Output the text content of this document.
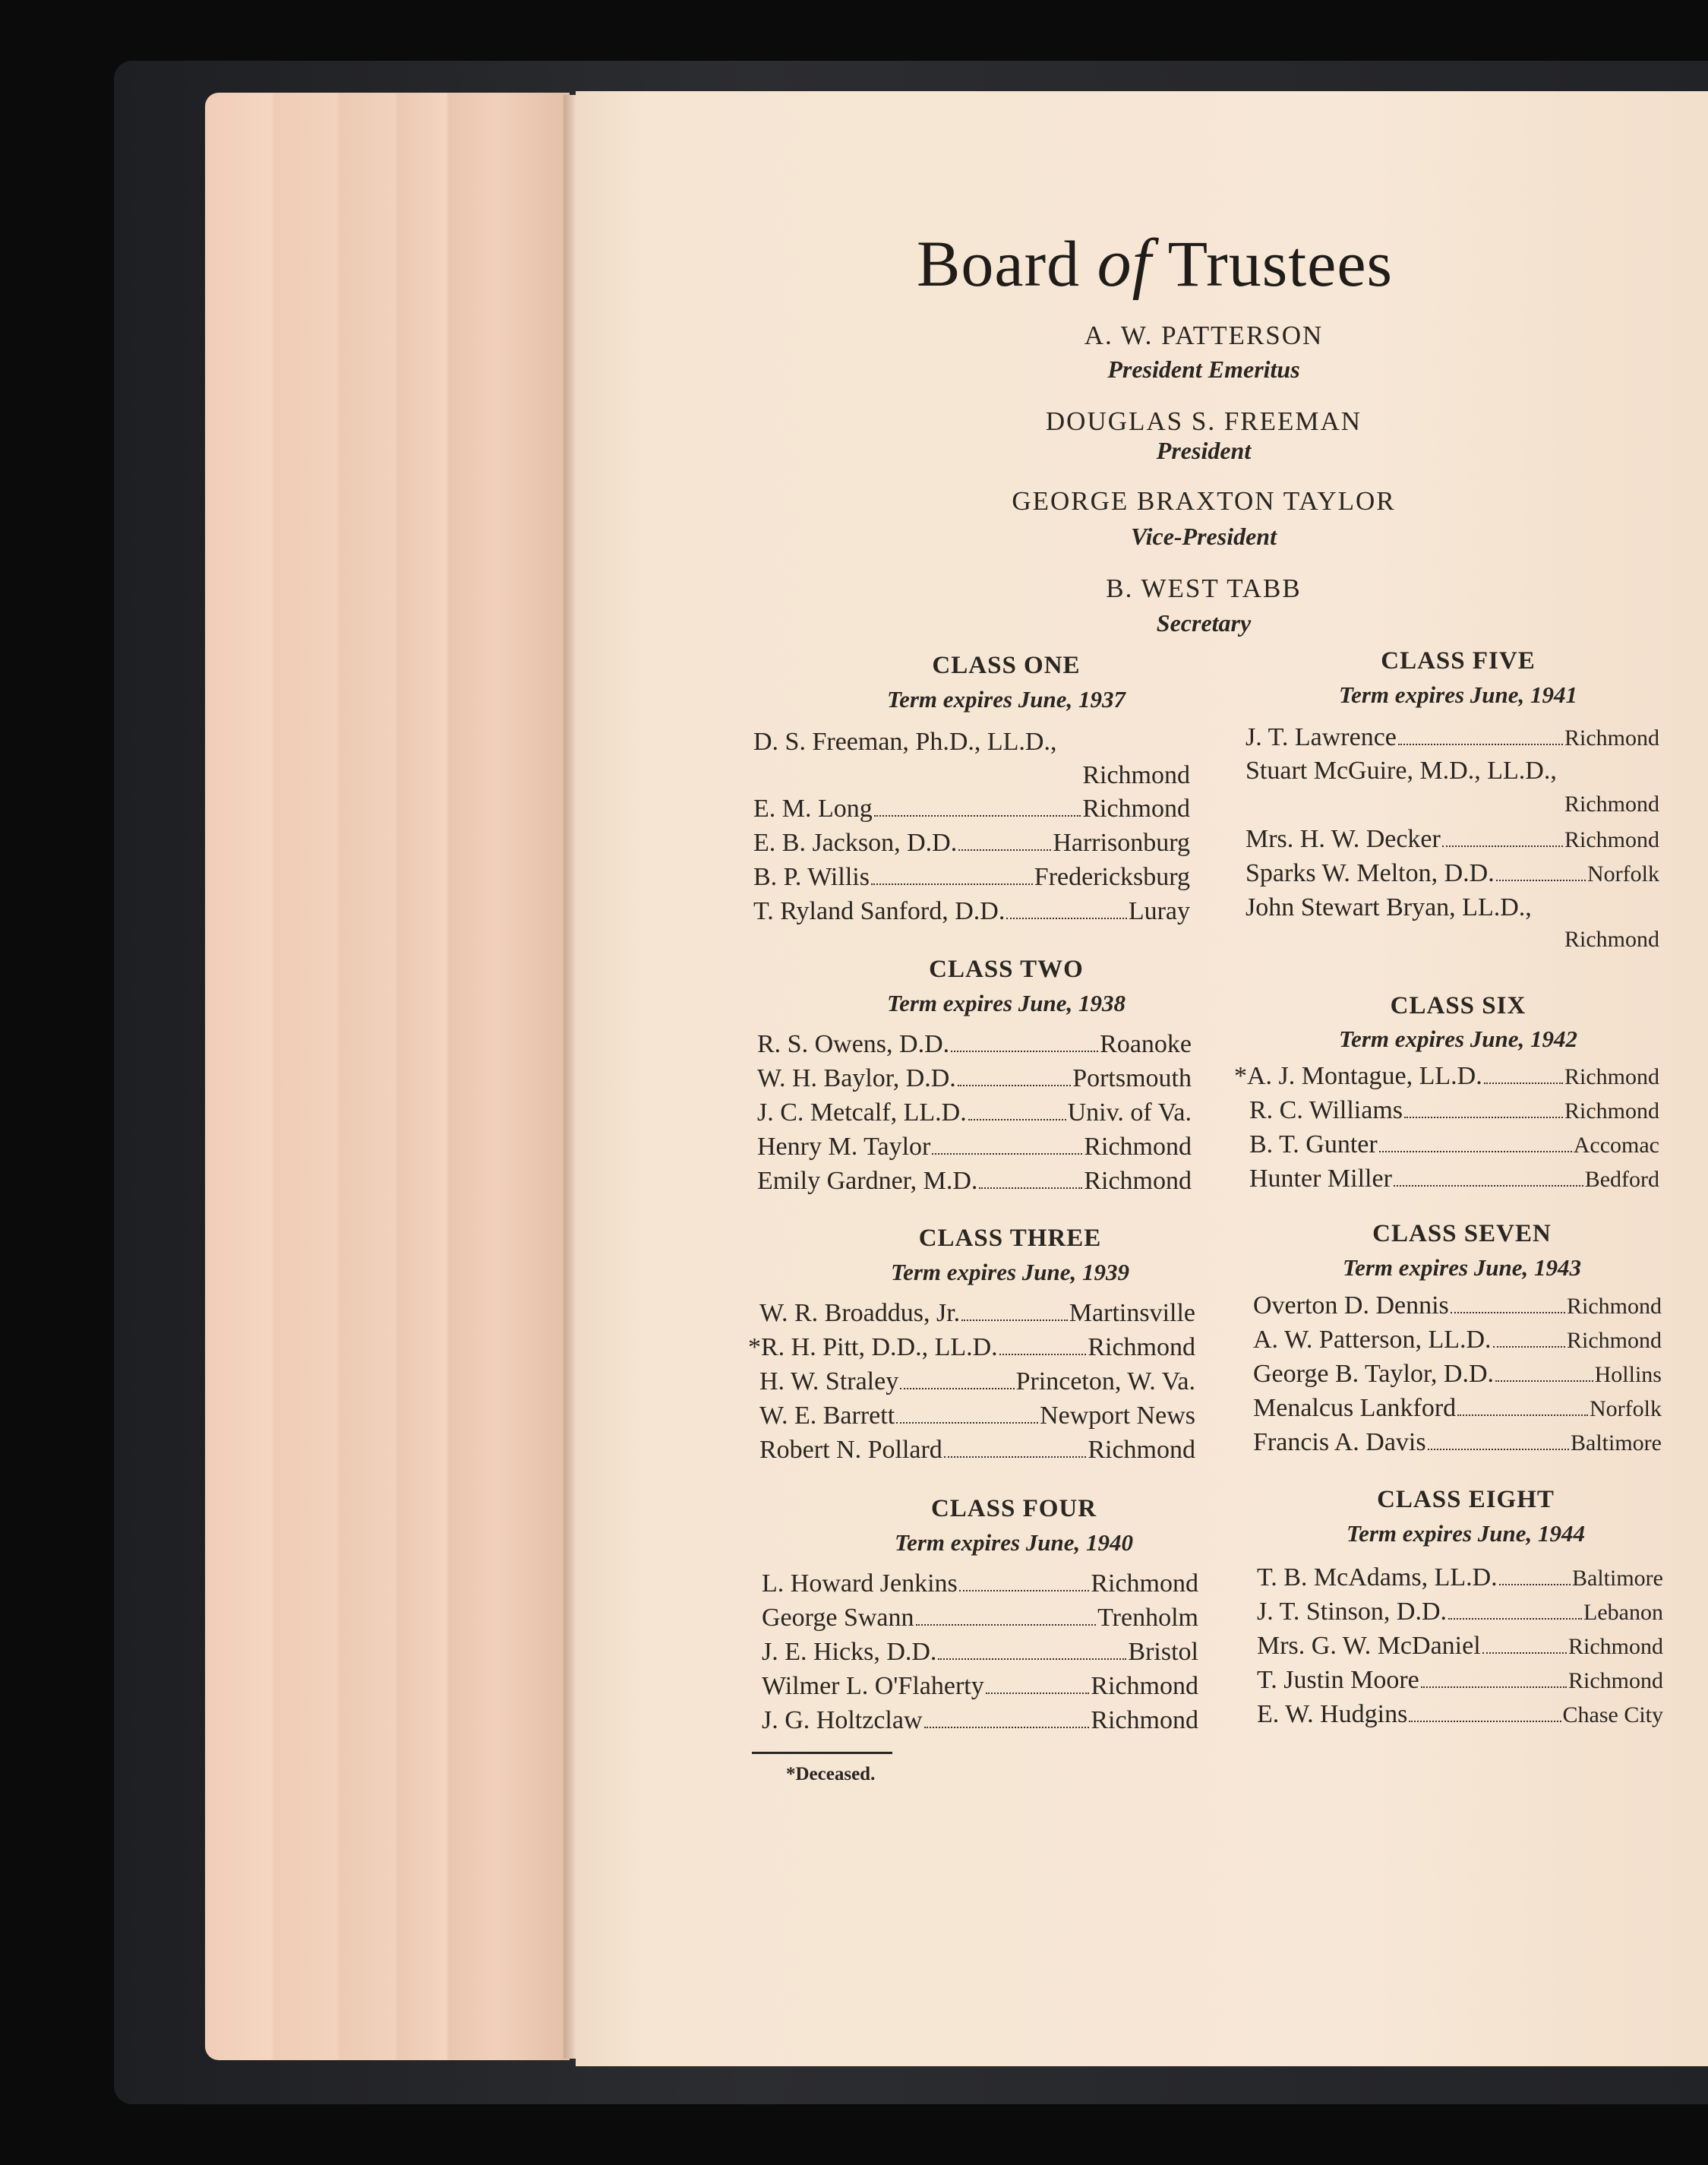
Board of Trustees
A. W. PATTERSON
President Emeritus
DOUGLAS S. FREEMAN
President
GEORGE BRAXTON TAYLOR
Vice-President
B. WEST TABB
Secretary
CLASS ONE
Term expires June, 1937
D. S. Freeman, Ph.D., LL.D.,
Richmond
E. M. Long	Richmond
E. B. Jackson, D.D.	Harrisonburg
B. P. Willis	Fredericksburg
T. Ryland Sanford, D.D.	Luray
CLASS TWO
Term expires June, 1938
R. S. Owens, D.D.	Roanoke
W. H. Baylor, D.D.	Portsmouth
J. C. Metcalf, LL.D.	Univ. of Va.
Henry M. Taylor	Richmond
Emily Gardner, M.D.	Richmond
CLASS THREE
Term expires June, 1939
W. R. Broaddus, Jr.	Martinsville
*R. H. Pitt, D.D., LL.D.	Richmond
H. W. Straley	Princeton, W. Va.
W. E. Barrett	Newport News
Robert N. Pollard	Richmond
CLASS FOUR
Term expires June, 1940
L. Howard Jenkins	Richmond
George Swann	Trenholm
J. E. Hicks, D.D.	Bristol
Wilmer L. O'Flaherty	Richmond
J. G. Holtzclaw	Richmond
*Deceased.
CLASS FIVE
Term expires June, 1941
J. T. Lawrence	Richmond
Stuart McGuire, M.D., LL.D.,
Richmond
Mrs. H. W. Decker	Richmond
Sparks W. Melton, D.D.	Norfolk
John Stewart Bryan, LL.D.,
Richmond
CLASS SIX
Term expires June, 1942
*A. J. Montague, LL.D.	Richmond
R. C. Williams	Richmond
B. T. Gunter	Accomac
Hunter Miller	Bedford
CLASS SEVEN
Term expires June, 1943
Overton D. Dennis	Richmond
A. W. Patterson, LL.D.	Richmond
George B. Taylor, D.D.	Hollins
Menalcus Lankford	Norfolk
Francis A. Davis	Baltimore
CLASS EIGHT
Term expires June, 1944
T. B. McAdams, LL.D.	Baltimore
J. T. Stinson, D.D.	Lebanon
Mrs. G. W. McDaniel	Richmond
T. Justin Moore	Richmond
E. W. Hudgins	Chase City
